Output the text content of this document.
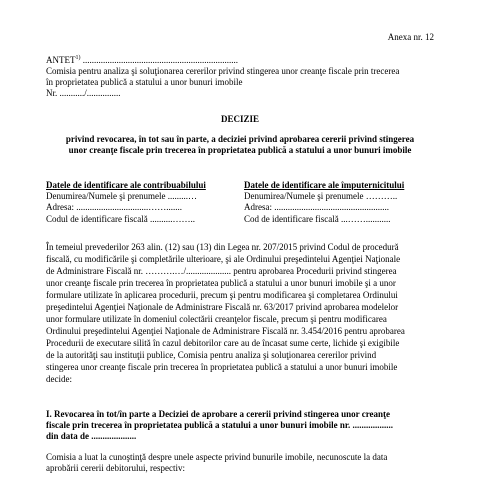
Anexa nr. 12
ANTET$^{1)}$ .....................................................................
Comisia pentru analiza şi soluţionarea cererilor privind stingerea unor creanţe fiscale prin trecerea
în proprietatea publică a statului a unor bunuri imobile
Nr. .........../...............
DECIZIE
privind revocarea, în tot sau în parte, a deciziei privind aprobarea cererii privind stingerea
unor creanţe fiscale prin trecerea în proprietatea publică a statului a unor bunuri imobile
Datele de identificare ale contribuabilului
Denumirea/Numele şi prenumele .........…
Adresa: ................................…….......
Codul de identificare fiscală ..........……..
Datele de identificare ale împuternicitului
Denumirea/Numele şi prenumele ………..
Adresa: ...................................................
Cod de identificare fiscală ...……...........
În temeiul prevederilor 263 alin. (12) sau (13) din Legea nr. 207/2015 privind Codul de procedură
fiscală, cu modificările şi completările ulterioare, şi ale Ordinului preşedintelui Agenţiei Naţionale
de Administrare Fiscală nr. ……….…/.................... pentru aprobarea Procedurii privind stingerea
unor creanţe fiscale prin trecerea în proprietatea publică a statului a unor bunuri imobile şi a unor
formulare utilizate în aplicarea procedurii, precum şi pentru modificarea şi completarea Ordinului
preşedintelui Agenţiei Naţionale de Administrare Fiscală nr. 63/2017 privind aprobarea modelelor
unor formulare utilizate în domeniul colectării creanţelor fiscale, precum şi pentru modificarea
Ordinului preşedintelui Agenţiei Naţionale de Administrare Fiscală nr. 3.454/2016 pentru aprobarea
Procedurii de executare silită în cazul debitorilor care au de încasat sume certe, lichide şi exigibile
de la autorităţi sau instituţii publice, Comisia pentru analiza şi soluţionarea cererilor privind
stingerea unor creanţe fiscale prin trecerea în proprietatea publică a statului a unor bunuri imobile
decide:
I. Revocarea în tot/în parte a Deciziei de aprobare a cererii privind stingerea unor creanţe
fiscale prin trecerea în proprietatea publică a statului a unor bunuri imobile nr. ..................
din data de ....................
Comisia a luat la cunoştinţă despre unele aspecte privind bunurile imobile, necunoscute la data
aprobării cererii debitorului, respectiv:
